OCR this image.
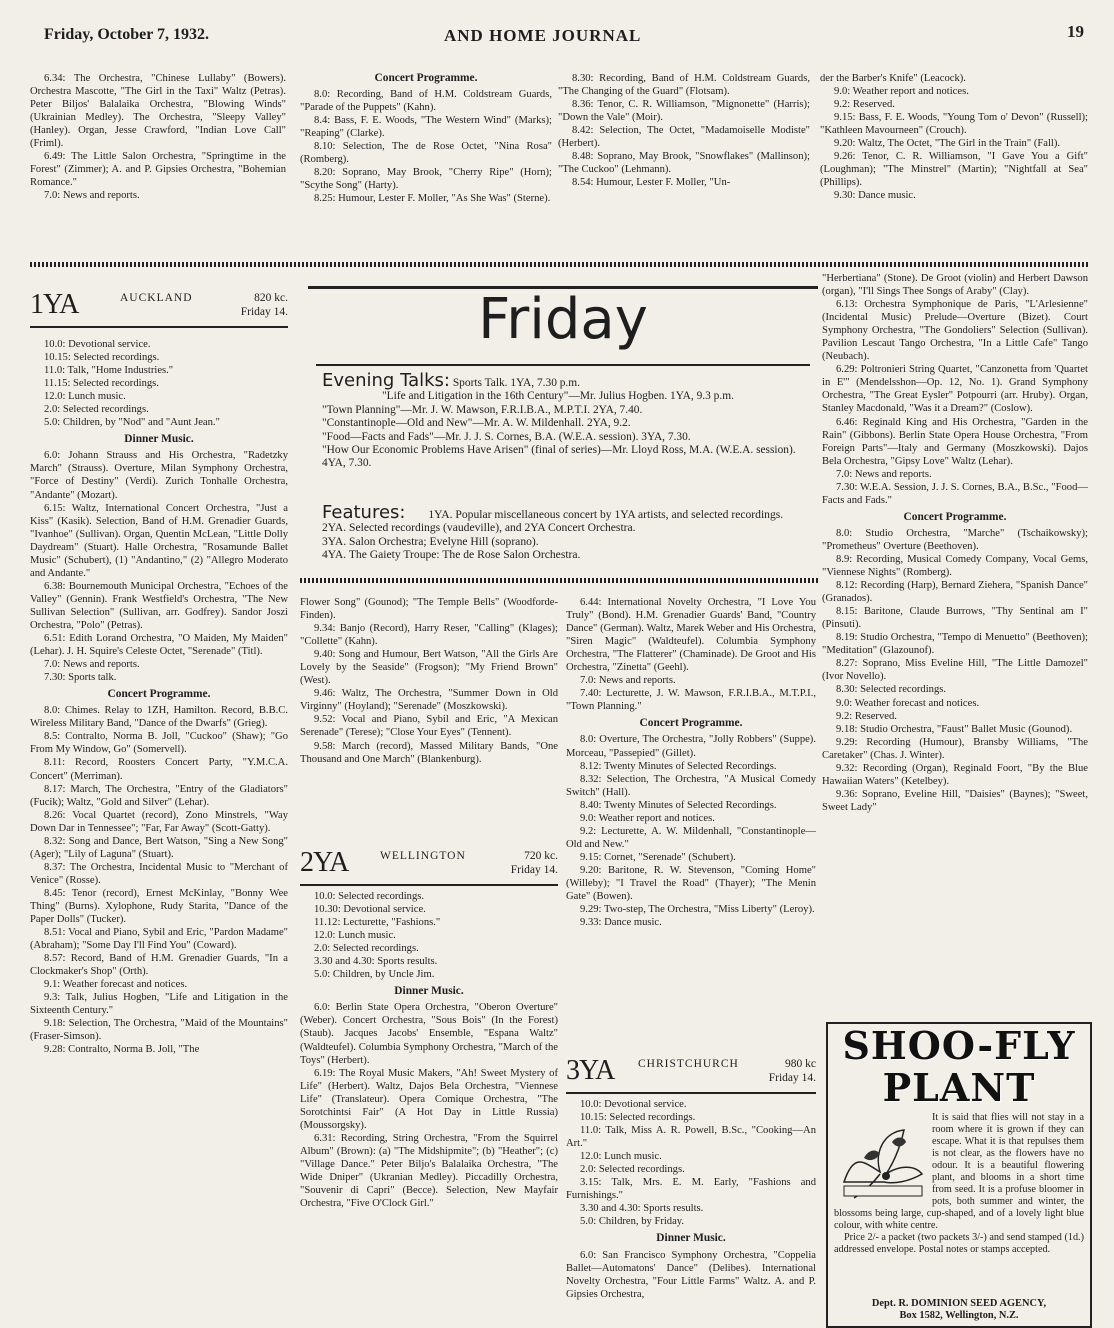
Friday, October 7, 1932.	AND HOME JOURNAL	19

6.34: The Orchestra, "Chinese Lullaby" (Bowers). Orchestra Mascotte, "The Girl in the Taxi" Waltz (Petras). Peter Biljos' Balalaika Orchestra, "Blowing Winds" (Ukrainian Medley). The Orchestra, "Sleepy Valley" (Hanley). Organ, Jesse Crawford, "Indian Love Call" (Friml).

6.49: The Little Salon Orchestra, "Springtime in the Forest" (Zimmer); A. and P. Gipsies Orchestra, "Bohemian Romance."

7.0: News and reports.

Concert Programme.

8.0: Recording, Band of H.M. Coldstream Guards, "Parade of the Puppets" (Kahn).

8.4: Bass, F. E. Woods, "The Western Wind" (Marks); "Reaping" (Clarke).

8.10: Selection, The de Rose Octet, "Nina Rosa" (Romberg).

8.20: Soprano, May Brook, "Cherry Ripe" (Horn); "Scythe Song" (Harty).

8.25: Humour, Lester F. Moller, "As She Was" (Sterne).

8.30: Recording, Band of H.M. Coldstream Guards, "The Changing of the Guard" (Flotsam).

8.36: Tenor, C. R. Williamson, "Mignonette" (Harris); "Down the Vale" (Moir).

8.42: Selection, The Octet, "Madamoiselle Modiste" (Herbert).

8.48: Soprano, May Brook, "Snowflakes" (Mallinson); "The Cuckoo" (Lehmann).

8.54: Humour, Lester F. Moller, "Un-

der the Barber's Knife" (Leacock).

9.0: Weather report and notices.

9.2: Reserved.

9.15: Bass, F. E. Woods, "Young Tom o' Devon" (Russell); "Kathleen Mavourneen" (Crouch).

9.20: Waltz, The Octet, "The Girl in the Train" (Fall).

9.26: Tenor, C. R. Williamson, "I Gave You a Gift" (Loughman); "The Minstrel" (Martin); "Nightfall at Sea" (Phillips).

9.30: Dance music.

Friday
Evening Talks: Sports Talk. 1YA, 7.30 p.m.
"Life and Litigation in the 16th Century"—Mr. Julius Hogben. 1YA, 9.3 p.m.
"Town Planning"—Mr. J. W. Mawson, F.R.I.B.A., M.P.T.I. 2YA, 7.40.
"Constantinople—Old and New"—Mr. A. W. Mildenhall. 2YA, 9.2.
"Food—Facts and Fads"—Mr. J. J. S. Cornes, B.A. (W.E.A. session). 3YA, 7.30.
"How Our Economic Problems Have Arisen" (final of series)—Mr. Lloyd Ross, M.A. (W.E.A. session). 4YA, 7.30.
Features: 1YA. Popular miscellaneous concert by 1YA artists, and selected recordings.
2YA. Selected recordings (vaudeville), and 2YA Concert Orchestra.
3YA. Salon Orchestra; Evelyne Hill (soprano).
4YA. The Gaiety Troupe: The de Rose Salon Orchestra.
1YA	AUCKLAND	820 kc.
Friday 14.

10.0: Devotional service.

10.15: Selected recordings.

11.0: Talk, "Home Industries."

11.15: Selected recordings.

12.0: Lunch music.

2.0: Selected recordings.

5.0: Children, by "Nod" and "Aunt Jean."

Dinner Music.

6.0: Johann Strauss and His Orchestra, "Radetzky March" (Strauss). Overture, Milan Symphony Orchestra, "Force of Destiny" (Verdi). Zurich Tonhalle Orchestra, "Andante" (Mozart).

6.15: Waltz, International Concert Orchestra, "Just a Kiss" (Kasik). Selection, Band of H.M. Grenadier Guards, "Ivanhoe" (Sullivan). Organ, Quentin McLean, "Little Dolly Daydream" (Stuart). Halle Orchestra, "Rosamunde Ballet Music" (Schubert), (1) "Andantino," (2) "Allegro Moderato and Andante."

6.38: Bournemouth Municipal Orchestra, "Echoes of the Valley" (Gennin). Frank Westfield's Orchestra, "The New Sullivan Selection" (Sullivan, arr. Godfrey). Sandor Joszi Orchestra, "Polo" (Petras).

6.51: Edith Lorand Orchestra, "O Maiden, My Maiden" (Lehar). J. H. Squire's Celeste Octet, "Serenade" (Titl).

7.0: News and reports.

7.30: Sports talk.

Concert Programme.

8.0: Chimes. Relay to 1ZH, Hamilton. Record, B.B.C. Wireless Military Band, "Dance of the Dwarfs" (Grieg).

8.5: Contralto, Norma B. Joll, "Cuckoo" (Shaw); "Go From My Window, Go" (Somervell).

8.11: Record, Roosters Concert Party, "Y.M.C.A. Concert" (Merriman).

8.17: March, The Orchestra, "Entry of the Gladiators" (Fucik); Waltz, "Gold and Silver" (Lehar).

8.26: Vocal Quartet (record), Zono Minstrels, "Way Down Dar in Tennessee"; "Far, Far Away" (Scott-Gatty).

8.32: Song and Dance, Bert Watson, "Sing a New Song" (Ager); "Lily of Laguna" (Stuart).

8.37: The Orchestra, Incidental Music to "Merchant of Venice" (Rosse).

8.45: Tenor (record), Ernest McKinlay, "Bonny Wee Thing" (Burns). Xylophone, Rudy Starita, "Dance of the Paper Dolls" (Tucker).

8.51: Vocal and Piano, Sybil and Eric, "Pardon Madame" (Abraham); "Some Day I'll Find You" (Coward).

8.57: Record, Band of H.M. Grenadier Guards, "In a Clockmaker's Shop" (Orth).

9.1: Weather forecast and notices.

9.3: Talk, Julius Hogben, "Life and Litigation in the Sixteenth Century."

9.18: Selection, The Orchestra, "Maid of the Mountains" (Fraser-Simson).

9.28: Contralto, Norma B. Joll, "The

Flower Song" (Gounod); "The Temple Bells" (Woodforde-Finden).

9.34: Banjo (Record), Harry Reser, "Calling" (Klages); "Collette" (Kahn).

9.40: Song and Humour, Bert Watson, "All the Girls Are Lovely by the Seaside" (Frogson); "My Friend Brown" (West).

9.46: Waltz, The Orchestra, "Summer Down in Old Virginny" (Hoyland); "Serenade" (Moszkowski).

9.52: Vocal and Piano, Sybil and Eric, "A Mexican Serenade" (Terese); "Close Your Eyes" (Tennent).

9.58: March (record), Massed Military Bands, "One Thousand and One March" (Blankenburg).

2YA	WELLINGTON	720 kc.
Friday 14.

10.0: Selected recordings.

10.30: Devotional service.

11.12: Lecturette, "Fashions."

12.0: Lunch music.

2.0: Selected recordings.

3.30 and 4.30: Sports results.

5.0: Children, by Uncle Jim.

Dinner Music.

6.0: Berlin State Opera Orchestra, "Oberon Overture" (Weber). Concert Orchestra, "Sous Bois" (In the Forest) (Staub). Jacques Jacobs' Ensemble, "Espana Waltz" (Waldteufel). Columbia Symphony Orchestra, "March of the Toys" (Herbert).

6.19: The Royal Music Makers, "Ah! Sweet Mystery of Life" (Herbert). Waltz, Dajos Bela Orchestra, "Viennese Life" (Translateur). Opera Comique Orchestra, "The Sorotchintsi Fair" (A Hot Day in Little Russia) (Moussorgsky).

6.31: Recording, String Orchestra, "From the Squirrel Album" (Brown): (a) "The Midshipmite"; (b) "Heather"; (c) "Village Dance." Peter Biljo's Balalaika Orchestra, "The Wide Dniper" (Ukranian Medley). Piccadilly Orchestra, "Souvenir di Capri" (Becce). Selection, New Mayfair Orchestra, "Five O'Clock Girl."

6.44: International Novelty Orchestra, "I Love You Truly" (Bond). H.M. Grenadier Guards' Band, "Country Dance" (German). Waltz, Marek Weber and His Orchestra, "Siren Magic" (Waldteufel). Columbia Symphony Orchestra, "The Flatterer" (Chaminade). De Groot and His Orchestra, "Zinetta" (Geehl).

7.0: News and reports.

7.40: Lecturette, J. W. Mawson, F.R.I.B.A., M.T.P.I., "Town Planning."

Concert Programme.

8.0: Overture, The Orchestra, "Jolly Robbers" (Suppe). Morceau, "Passepied" (Gillet).

8.12: Twenty Minutes of Selected Recordings.

8.32: Selection, The Orchestra, "A Musical Comedy Switch" (Hall).

8.40: Twenty Minutes of Selected Recordings.

9.0: Weather report and notices.

9.2: Lecturette, A. W. Mildenhall, "Constantinople—Old and New."

9.15: Cornet, "Serenade" (Schubert).

9.20: Baritone, R. W. Stevenson, "Coming Home" (Willeby); "I Travel the Road" (Thayer); "The Menin Gate" (Bowen).

9.29: Two-step, The Orchestra, "Miss Liberty" (Leroy).

9.33: Dance music.

3YA CHRISTCHURCH	980 kc
Friday 14.

10.0: Devotional service.

10.15: Selected recordings.

11.0: Talk, Miss A. R. Powell, B.Sc., "Cooking—An Art."

12.0: Lunch music.

2.0: Selected recordings.

3.15: Talk, Mrs. E. M. Early, "Fashions and Furnishings."

3.30 and 4.30: Sports results.

5.0: Children, by Friday.

Dinner Music.

6.0: San Francisco Symphony Orchestra, "Coppelia Ballet—Automatons' Dance" (Delibes). International Novelty Orchestra, "Four Little Farms" Waltz. A. and P. Gipsies Orchestra,

"Herbertiana" (Stone). De Groot (violin) and Herbert Dawson (organ), "I'll Sings Thee Songs of Araby" (Clay).

6.13: Orchestra Symphonique de Paris, "L'Arlesienne" (Incidental Music) Prelude—Overture (Bizet). Court Symphony Orchestra, "The Gondoliers" Selection (Sullivan). Pavilion Lescaut Tango Orchestra, "In a Little Cafe" Tango (Neubach).

6.29: Poltronieri String Quartet, "Canzonetta from 'Quartet in E'" (Mendelsshon—Op. 12, No. 1). Grand Symphony Orchestra, "The Great Eysler" Potpourri (arr. Hruby). Organ, Stanley Macdonald, "Was it a Dream?" (Coslow).

6.46: Reginald King and His Orchestra, "Garden in the Rain" (Gibbons). Berlin State Opera House Orchestra, "From Foreign Parts"—Italy and Germany (Moszkowski). Dajos Bela Orchestra, "Gipsy Love" Waltz (Lehar).

7.0: News and reports.

7.30: W.E.A. Session, J. J. S. Cornes, B.A., B.Sc., "Food—Facts and Fads."

Concert Programme.

8.0: Studio Orchestra, "Marche" (Tschaikowsky); "Prometheus" Overture (Beethoven).

8.9: Recording, Musical Comedy Company, Vocal Gems, "Viennese Nights" (Romberg).

8.12: Recording (Harp), Bernard Ziehera, "Spanish Dance" (Granados).

8.15: Baritone, Claude Burrows, "Thy Sentinal am I" (Pinsuti).

8.19: Studio Orchestra, "Tempo di Menuetto" (Beethoven); "Meditation" (Glazounof).

8.27: Soprano, Miss Eveline Hill, "The Little Damozel" (Ivor Novello).

8.30: Selected recordings.

9.0: Weather forecast and notices.

9.2: Reserved.

9.18: Studio Orchestra, "Faust" Ballet Music (Gounod).

9.29: Recording (Humour), Bransby Williams, "The Caretaker" (Chas. J. Winter).

9.32: Recording (Organ), Reginald Foort, "By the Blue Hawaiian Waters" (Ketelbey).

9.36: Soprano, Eveline Hill, "Daisies" (Baynes); "Sweet, Sweet Lady"

SHOO-FLY
PLANT

It is said that flies will not stay in a room where it is grown if they can escape. What it is that repulses them is not clear, as the flowers have no odour. It is a beautiful flowering plant, and blooms in a short time from seed. It is a profuse bloomer in pots, both summer and winter, the blossoms being large, cup-shaped, and of a lovely light blue colour, with white centre.

Price 2/- a packet (two packets 3/-) and send stamped (1d.) addressed envelope. Postal notes or stamps accepted.

Dept. R. DOMINION SEED AGENCY,
Box 1582, Wellington, N.Z.
